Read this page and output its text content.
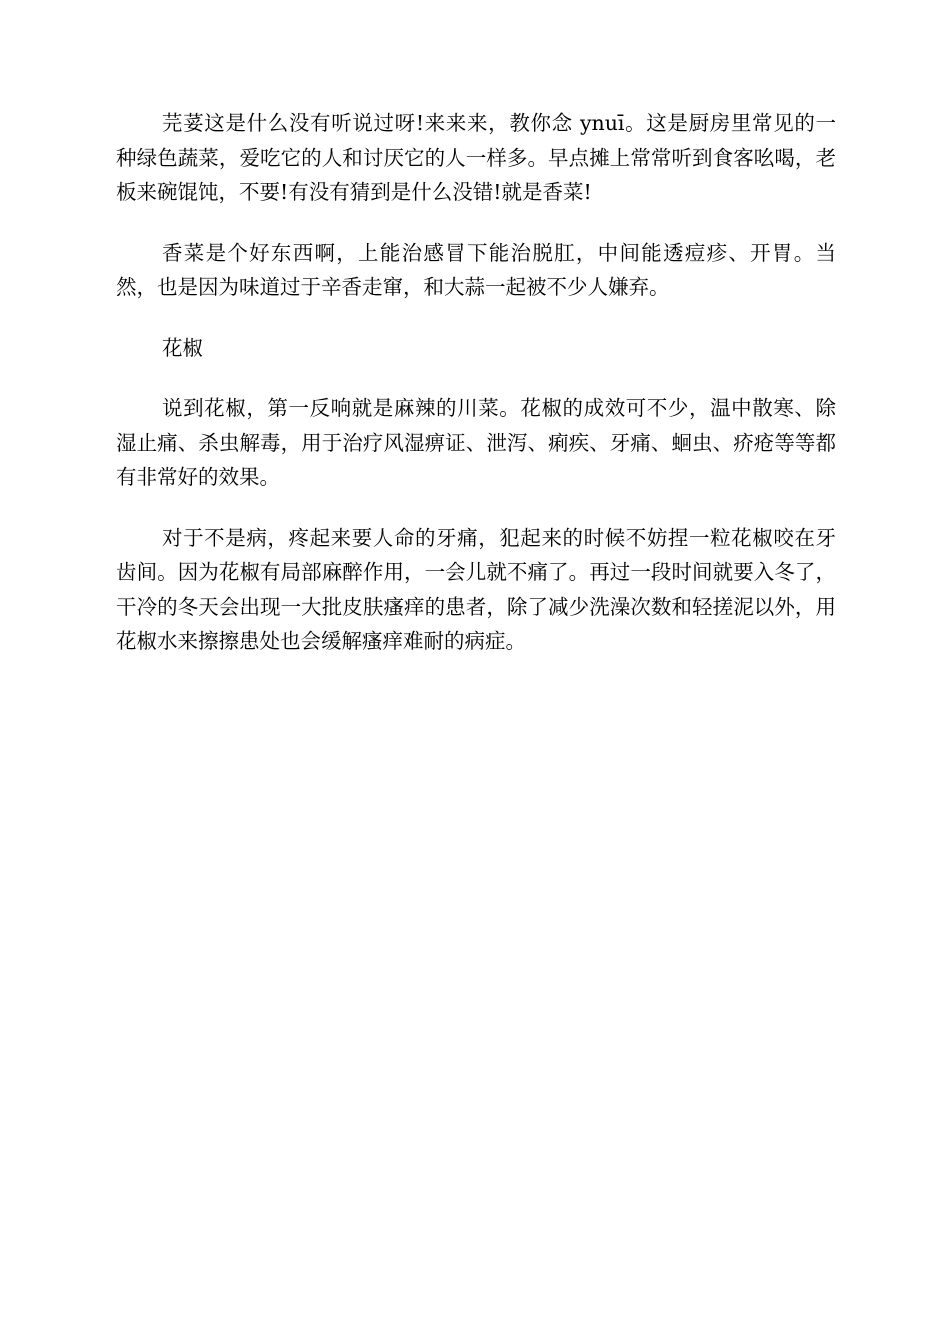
芫荽这是什么没有听说过呀!来来来，教你念 ynuī。这是厨房里常见的一种绿色蔬菜，爱吃它的人和讨厌它的人一样多。早点摊上常常听到食客吆喝，老板来碗馄饨，不要!有没有猜到是什么没错!就是香菜!

香菜是个好东西啊，上能治感冒下能治脱肛，中间能透痘疹、开胃。当然，也是因为味道过于辛香走窜，和大蒜一起被不少人嫌弃。

花椒

说到花椒，第一反响就是麻辣的川菜。花椒的成效可不少，温中散寒、除湿止痛、杀虫解毒，用于治疗风湿痹证、泄泻、痢疾、牙痛、蛔虫、疥疮等等都有非常好的效果。

对于不是病，疼起来要人命的牙痛，犯起来的时候不妨捏一粒花椒咬在牙齿间。因为花椒有局部麻醉作用，一会儿就不痛了。再过一段时间就要入冬了，干冷的冬天会出现一大批皮肤瘙痒的患者，除了减少洗澡次数和轻搓泥以外，用花椒水来擦擦患处也会缓解瘙痒难耐的病症。
